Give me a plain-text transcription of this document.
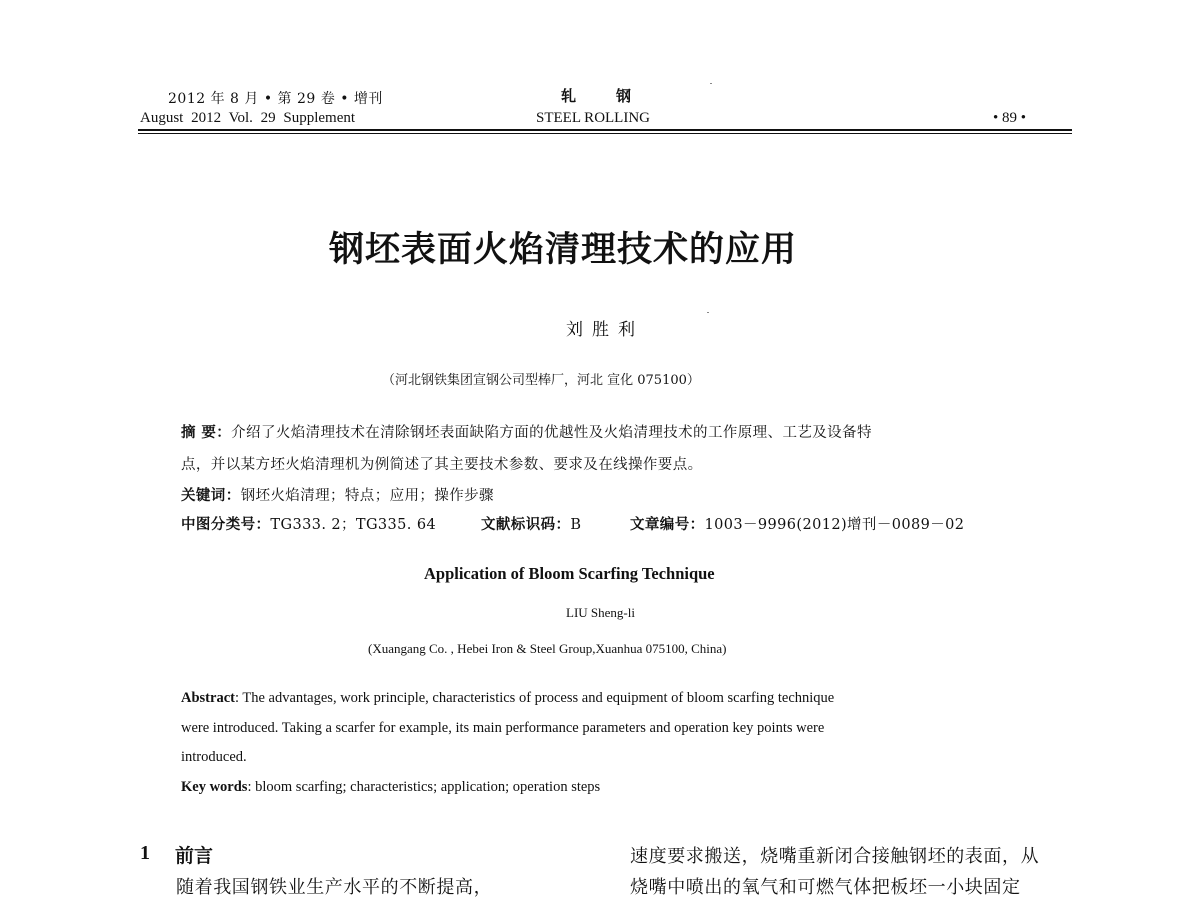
2012 年 8 月 • 第 29 卷 • 增刊
August 2012 Vol. 29 Supplement
轧钢
STEEL ROLLING	• 89 •
钢坯表面火焰清理技术的应用
刘胜利
（河北钢铁集团宣钢公司型棒厂，河北 宣化 075100）
摘 要：介绍了火焰清理技术在清除钢坯表面缺陷方面的优越性及火焰清理技术的工作原理、工艺及设备特
点，并以某方坯火焰清理机为例简述了其主要技术参数、要求及在线操作要点。
关键词：钢坯火焰清理；特点；应用；操作步骤
中图分类号：TG333. 2；TG335. 64	文献标识码：B	文章编号：1003－9996(2012)增刊－0089－02
Application of Bloom Scarfing Technique
LIU Sheng-li
(Xuangang Co. , Hebei Iron & Steel Group,Xuanhua 075100, China)
Abstract: The advantages, work principle, characteristics of process and equipment of bloom scarfing technique
were introduced. Taking a scarfer for example, its main performance parameters and operation key points were
introduced.
Key words: bloom scarfing; characteristics; application; operation steps
1 前言	速度要求搬送，烧嘴重新闭合接触钢坯的表面，从
随着我国钢铁业生产水平的不断提高，	烧嘴中喷出的氧气和可燃气体把板坯一小块固定
